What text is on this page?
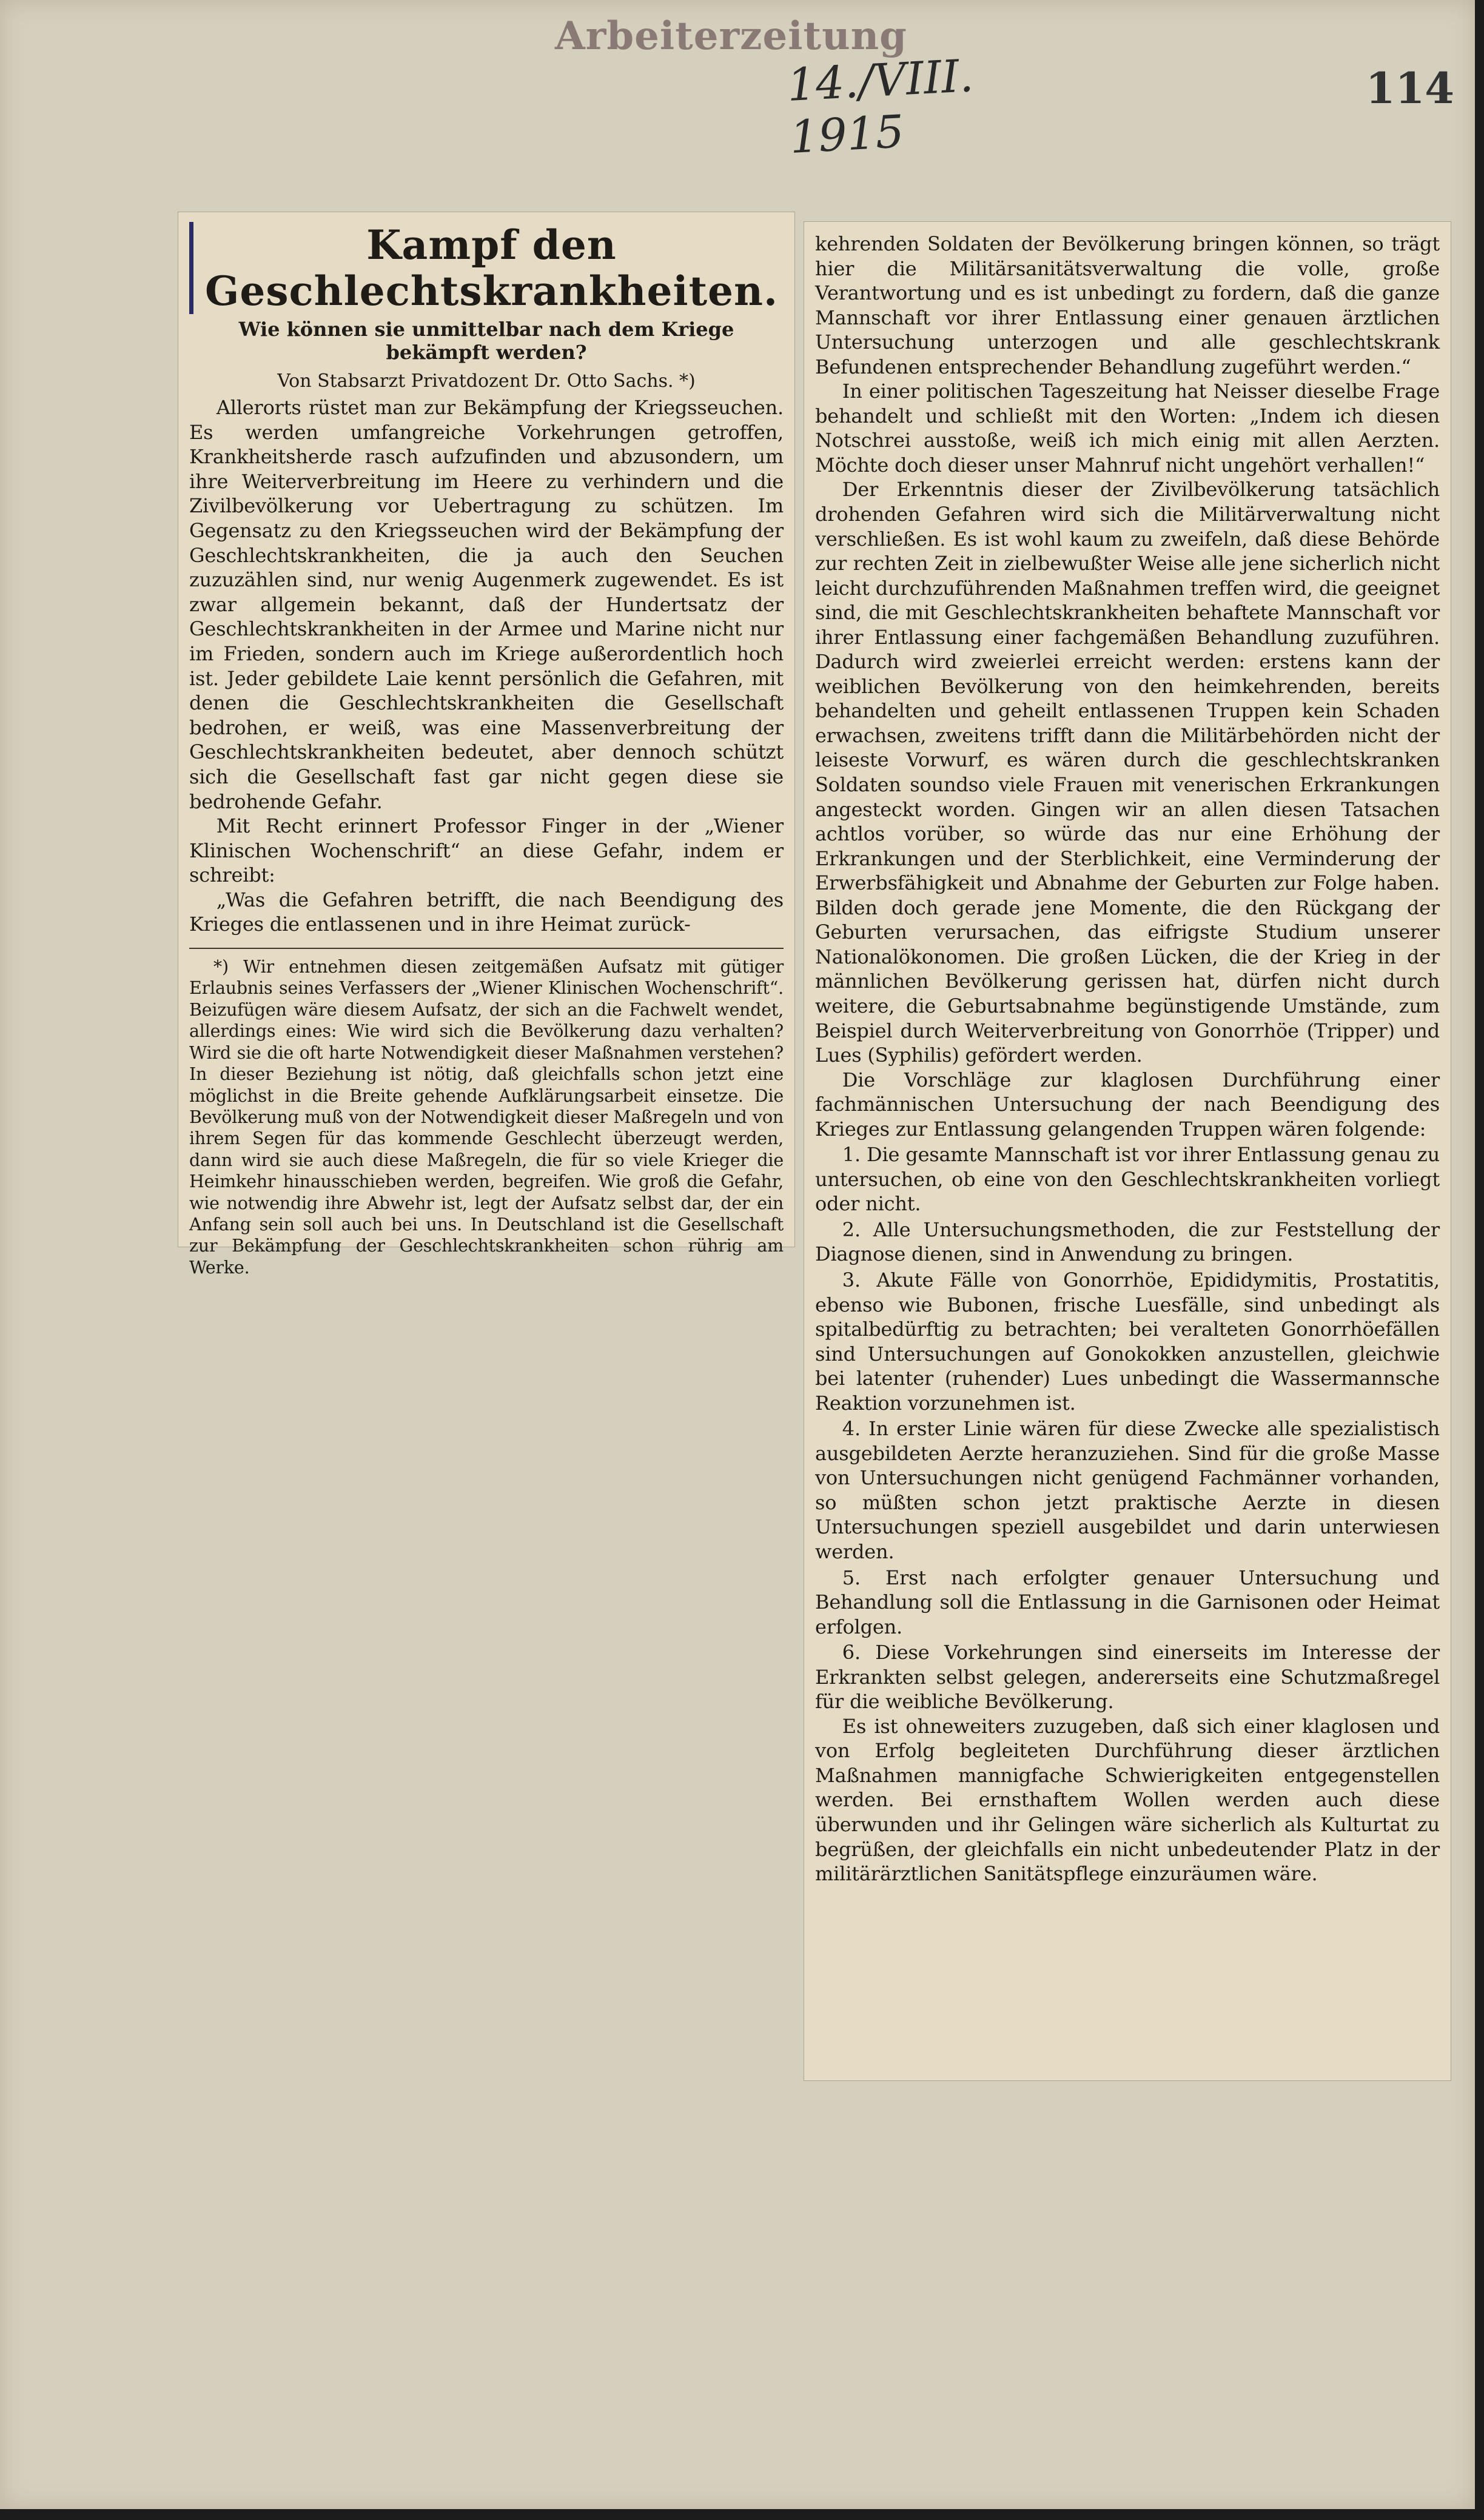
Arbeiterzeitung
14./VIII. 1915
114
Kampf den Geschlechtskrankheiten.
Wie können sie unmittelbar nach dem Kriege bekämpft werden?
Von Stabsarzt Privatdozent Dr. Otto Sachs. *)

Allerorts rüstet man zur Bekämpfung der Kriegsseuchen. Es werden umfangreiche Vorkehrungen getroffen, Krankheitsherde rasch aufzufinden und abzusondern, um ihre Weiterverbreitung im Heere zu verhindern und die Zivilbevölkerung vor Uebertragung zu schützen. Im Gegensatz zu den Kriegsseuchen wird der Bekämpfung der Geschlechtskrankheiten, die ja auch den Seuchen zuzuzählen sind, nur wenig Augenmerk zugewendet. Es ist zwar allgemein bekannt, daß der Hundertsatz der Geschlechtskrankheiten in der Armee und Marine nicht nur im Frieden, sondern auch im Kriege außerordentlich hoch ist. Jeder gebildete Laie kennt persönlich die Gefahren, mit denen die Geschlechtskrankheiten die Gesellschaft bedrohen, er weiß, was eine Massenverbreitung der Geschlechtskrankheiten bedeutet, aber dennoch schützt sich die Gesellschaft fast gar nicht gegen diese sie bedrohende Gefahr.

Mit Recht erinnert Professor Finger in der „Wiener Klinischen Wochenschrift“ an diese Gefahr, indem er schreibt:

„Was die Gefahren betrifft, die nach Beendigung des Krieges die entlassenen und in ihre Heimat zurück-

*) Wir entnehmen diesen zeitgemäßen Aufsatz mit gütiger Erlaubnis seines Verfassers der „Wiener Klinischen Wochenschrift“. Beizufügen wäre diesem Aufsatz, der sich an die Fachwelt wendet, allerdings eines: Wie wird sich die Bevölkerung dazu verhalten? Wird sie die oft harte Notwendigkeit dieser Maßnahmen verstehen? In dieser Beziehung ist nötig, daß gleichfalls schon jetzt eine möglichst in die Breite gehende Aufklärungsarbeit einsetze. Die Bevölkerung muß von der Notwendigkeit dieser Maßregeln und von ihrem Segen für das kommende Geschlecht überzeugt werden, dann wird sie auch diese Maßregeln, die für so viele Krieger die Heimkehr hinausschieben werden, begreifen. Wie groß die Gefahr, wie notwendig ihre Abwehr ist, legt der Aufsatz selbst dar, der ein Anfang sein soll auch bei uns. In Deutschland ist die Gesellschaft zur Bekämpfung der Geschlechtskrankheiten schon rührig am Werke.

kehrenden Soldaten der Bevölkerung bringen können, so trägt hier die Militärsanitätsverwaltung die volle, große Verantwortung und es ist unbedingt zu fordern, daß die ganze Mannschaft vor ihrer Entlassung einer genauen ärztlichen Untersuchung unterzogen und alle geschlechtskrank Befundenen entsprechender Behandlung zugeführt werden.“

In einer politischen Tageszeitung hat Neisser dieselbe Frage behandelt und schließt mit den Worten: „Indem ich diesen Notschrei ausstoße, weiß ich mich einig mit allen Aerzten. Möchte doch dieser unser Mahnruf nicht ungehört verhallen!“

Der Erkenntnis dieser der Zivilbevölkerung tatsächlich drohenden Gefahren wird sich die Militärverwaltung nicht verschließen. Es ist wohl kaum zu zweifeln, daß diese Behörde zur rechten Zeit in zielbewußter Weise alle jene sicherlich nicht leicht durchzuführenden Maßnahmen treffen wird, die geeignet sind, die mit Geschlechtskrankheiten behaftete Mannschaft vor ihrer Entlassung einer fachgemäßen Behandlung zuzuführen. Dadurch wird zweierlei erreicht werden: erstens kann der weiblichen Bevölkerung von den heimkehrenden, bereits behandelten und geheilt entlassenen Truppen kein Schaden erwachsen, zweitens trifft dann die Militärbehörden nicht der leiseste Vorwurf, es wären durch die geschlechtskranken Soldaten soundso viele Frauen mit venerischen Erkrankungen angesteckt worden. Gingen wir an allen diesen Tatsachen achtlos vorüber, so würde das nur eine Erhöhung der Erkrankungen und der Sterblichkeit, eine Verminderung der Erwerbsfähigkeit und Abnahme der Geburten zur Folge haben. Bilden doch gerade jene Momente, die den Rückgang der Geburten verursachen, das eifrigste Studium unserer Nationalökonomen. Die großen Lücken, die der Krieg in der männlichen Bevölkerung gerissen hat, dürfen nicht durch weitere, die Geburtsabnahme begünstigende Umstände, zum Beispiel durch Weiterverbreitung von Gonorrhöe (Tripper) und Lues (Syphilis) gefördert werden.

Die Vorschläge zur klaglosen Durchführung einer fachmännischen Untersuchung der nach Beendigung des Krieges zur Entlassung gelangenden Truppen wären folgende:

1. Die gesamte Mannschaft ist vor ihrer Entlassung genau zu untersuchen, ob eine von den Geschlechtskrankheiten vorliegt oder nicht.

2. Alle Untersuchungsmethoden, die zur Feststellung der Diagnose dienen, sind in Anwendung zu bringen.

3. Akute Fälle von Gonorrhöe, Epididymitis, Prostatitis, ebenso wie Bubonen, frische Luesfälle, sind unbedingt als spitalbedürftig zu betrachten; bei veralteten Gonorrhöefällen sind Untersuchungen auf Gonokokken anzustellen, gleichwie bei latenter (ruhender) Lues unbedingt die Wassermannsche Reaktion vorzunehmen ist.

4. In erster Linie wären für diese Zwecke alle spezialistisch ausgebildeten Aerzte heranzuziehen. Sind für die große Masse von Untersuchungen nicht genügend Fachmänner vorhanden, so müßten schon jetzt praktische Aerzte in diesen Untersuchungen speziell ausgebildet und darin unterwiesen werden.

5. Erst nach erfolgter genauer Untersuchung und Behandlung soll die Entlassung in die Garnisonen oder Heimat erfolgen.

6. Diese Vorkehrungen sind einerseits im Interesse der Erkrankten selbst gelegen, andererseits eine Schutzmaßregel für die weibliche Bevölkerung.

Es ist ohneweiters zuzugeben, daß sich einer klaglosen und von Erfolg begleiteten Durchführung dieser ärztlichen Maßnahmen mannigfache Schwierigkeiten entgegenstellen werden. Bei ernsthaftem Wollen werden auch diese überwunden und ihr Gelingen wäre sicherlich als Kulturtat zu begrüßen, der gleichfalls ein nicht unbedeutender Platz in der militärärztlichen Sanitätspflege einzuräumen wäre.
